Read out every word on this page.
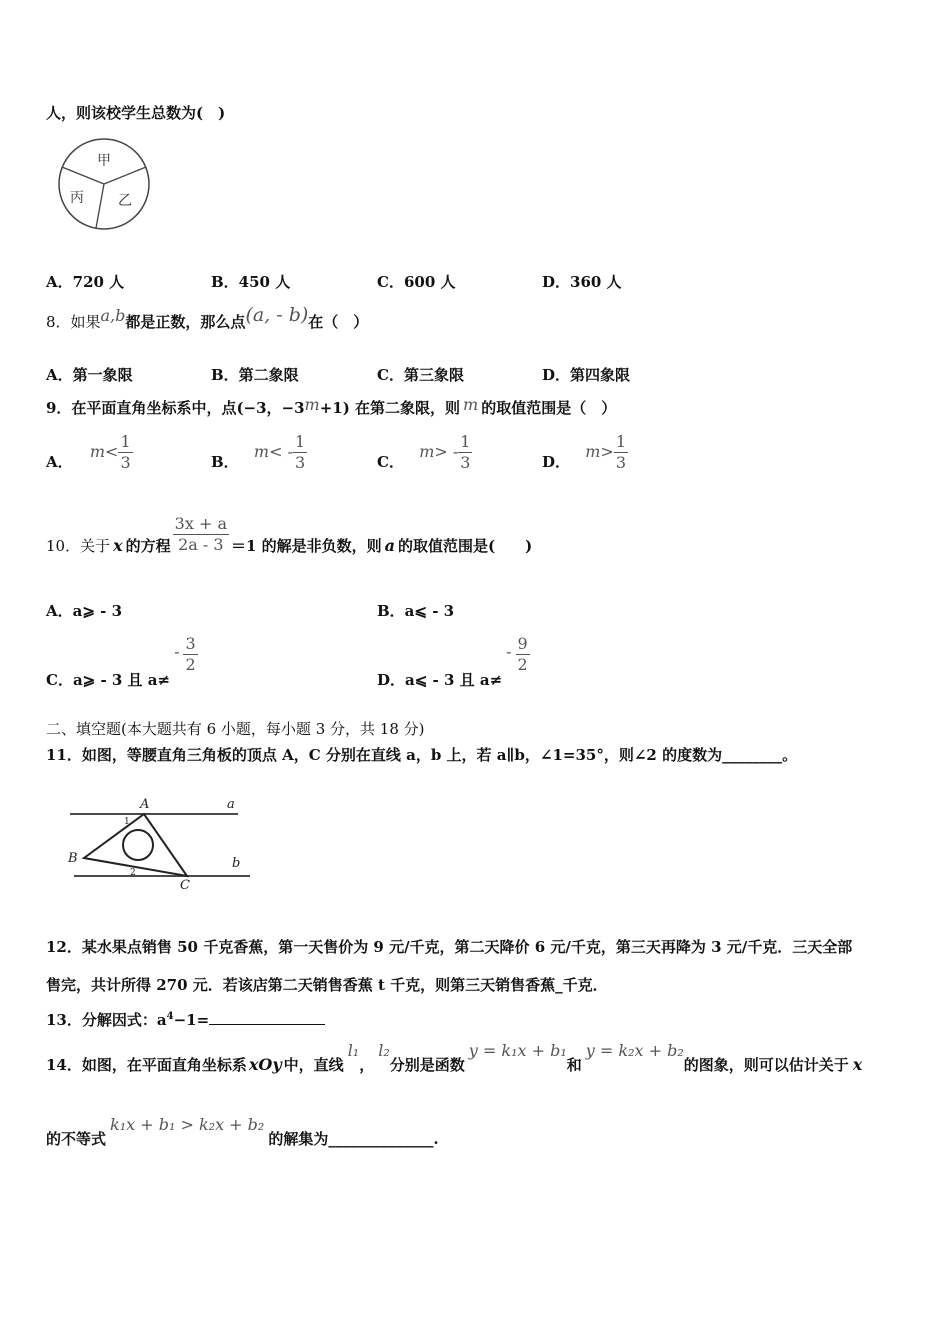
人，则该校学生总数为(　)
甲
乙
丙
A．720 人	B．450 人	C．600 人	D．360 人
8．如果a,b都是正数，那么点(a, - b)在（　）
A．第一象限	B．第二象限	C．第三象限	D．第四象限
9．在平面直角坐标系中，点(−3，−3m+1) 在第二象限，则 m 的取值范围是（　）
A． $m< \frac{1}{3}$	B． $m< - \frac{1}{3}$	C． $m> - \frac{1}{3}$	D． $m> \frac{1}{3}$
10．关于 x 的方程 $\frac{3x + a}{2a - 3} =1$ 的解是非负数，则 a 的取值范围是(　　)
A．a⩾ - 3	B．a⩽ - 3
C．a⩾ - 3 且 $a\ne- \frac{3}{2}$
D．a⩽ - 3 且 $a\ne- \frac{9}{2}$
二、填空题(本大题共有 6 小题，每小题 3 分，共 18 分)
11．如图，等腰直角三角板的顶点 A，C 分别在直线 a，b 上，若 a∥b，∠1=35°，则∠2 的度数为________。
A	a
B	b
C
1
2
12．某水果点销售 50 千克香蕉，第一天售价为 9 元/千克，第二天降价 6 元/千克，第三天再降为 3 元/千克．三天全部
售完，共计所得 270 元．若该店第二天销售香蕉 t 千克，则第三天销售香蕉_千克．
13．分解因式：$a^4-1=$
14．如图，在平面直角坐标系 xOy 中，直线l₁，l₂分别是函数y = k₁x + b₁和y = k₂x + b₂的图象，则可以估计关于 x
的不等式k₁x + b₁ > k₂x + b₂的解集为______________.
